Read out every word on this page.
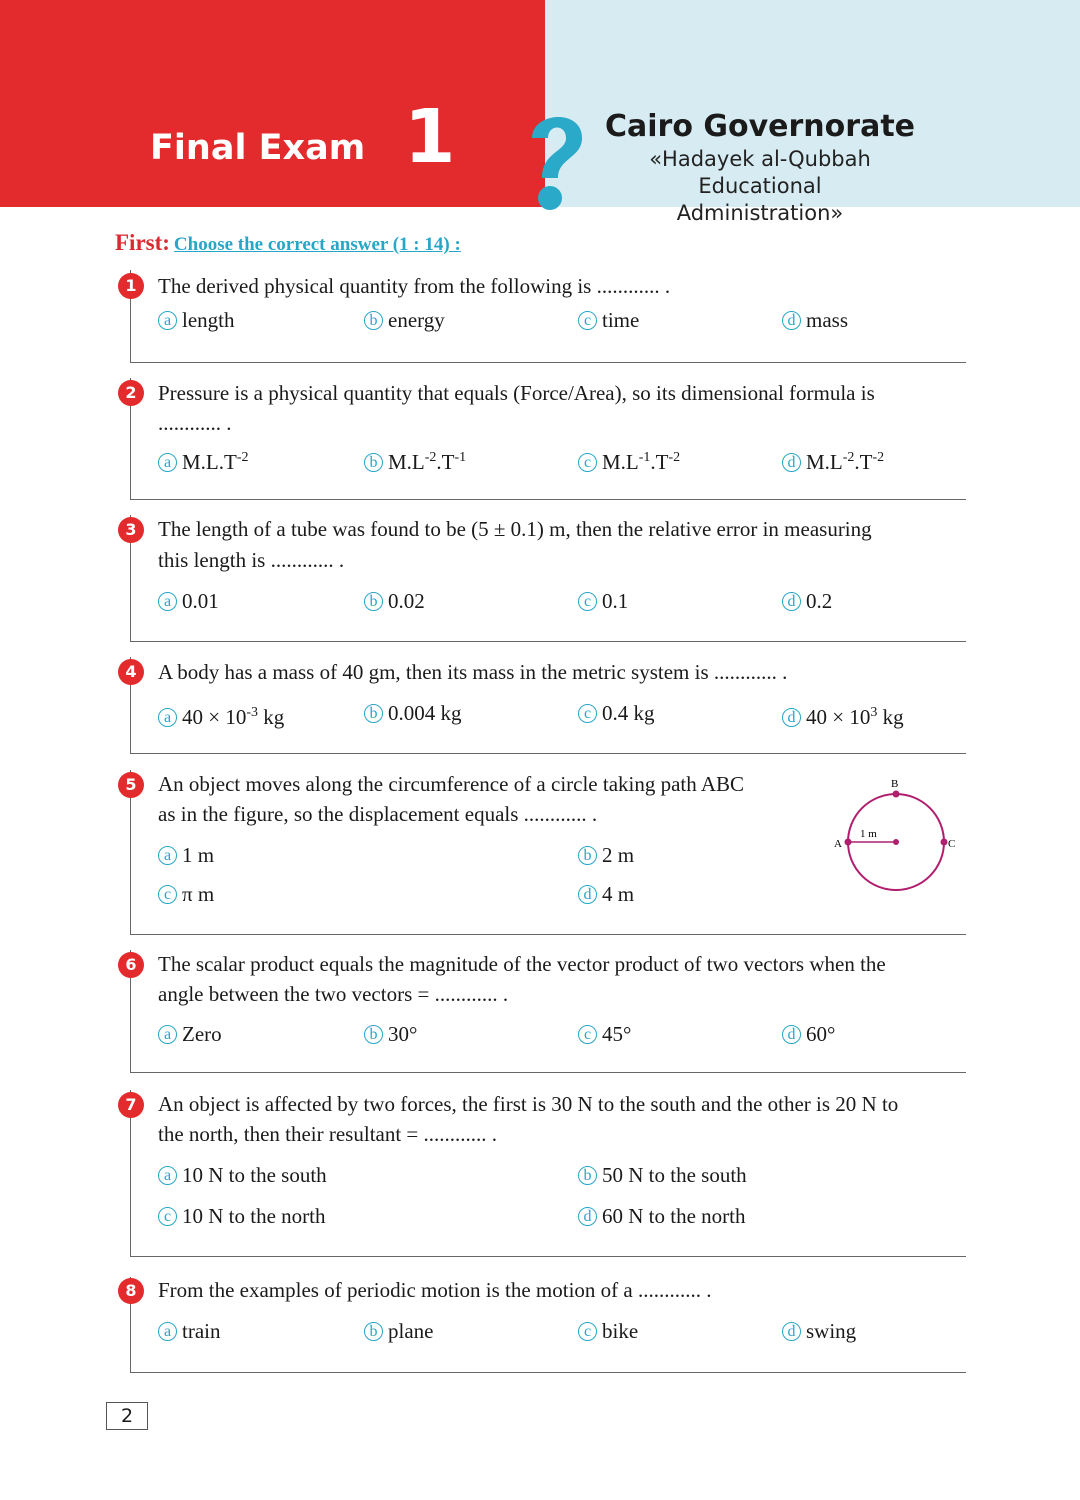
Final Exam 1	Cairo Governorate
«Hadayek al-Qubbah Educational
Administration»
First: Choose the correct answer (1 : 14) :
1	The derived physical quantity from the following is ............ .
a length	b energy	c time	d mass
2	Pressure is a physical quantity that equals (Force/Area), so its dimensional formula is
............ .
a $M.L.T^{-2}$	b $M.L^{-2}.T^{-1}$	c $M.L^{-1}.T^{-2}$	d $M.L^{-2}.T^{-2}$
3	The length of a tube was found to be (5 ± 0.1) m, then the relative error in measuring
this length is ............ .
a 0.01	b 0.02	c 0.1	d 0.2
4	A body has a mass of 40 gm, then its mass in the metric system is ............ .
a $40 \times 10^{-3}$ kg	b 0.004 kg	c 0.4 kg	d $40 \times 10^3$ kg
5	An object moves along the circumference of a circle taking path ABC
as in the figure, so the displacement equals ............ .
a 1 m	b 2 m
c π m	d 4 m
A
B
C
1 m
6	The scalar product equals the magnitude of the vector product of two vectors when the
angle between the two vectors = ............ .
a Zero	b 30°	c 45°	d 60°
7	An object is affected by two forces, the first is 30 N to the south and the other is 20 N to
the north, then their resultant = ............ .
a 10 N to the south	b 50 N to the south
c 10 N to the north	d 60 N to the north
8	From the examples of periodic motion is the motion of a ............ .
a train	b plane	c bike	d swing
2
